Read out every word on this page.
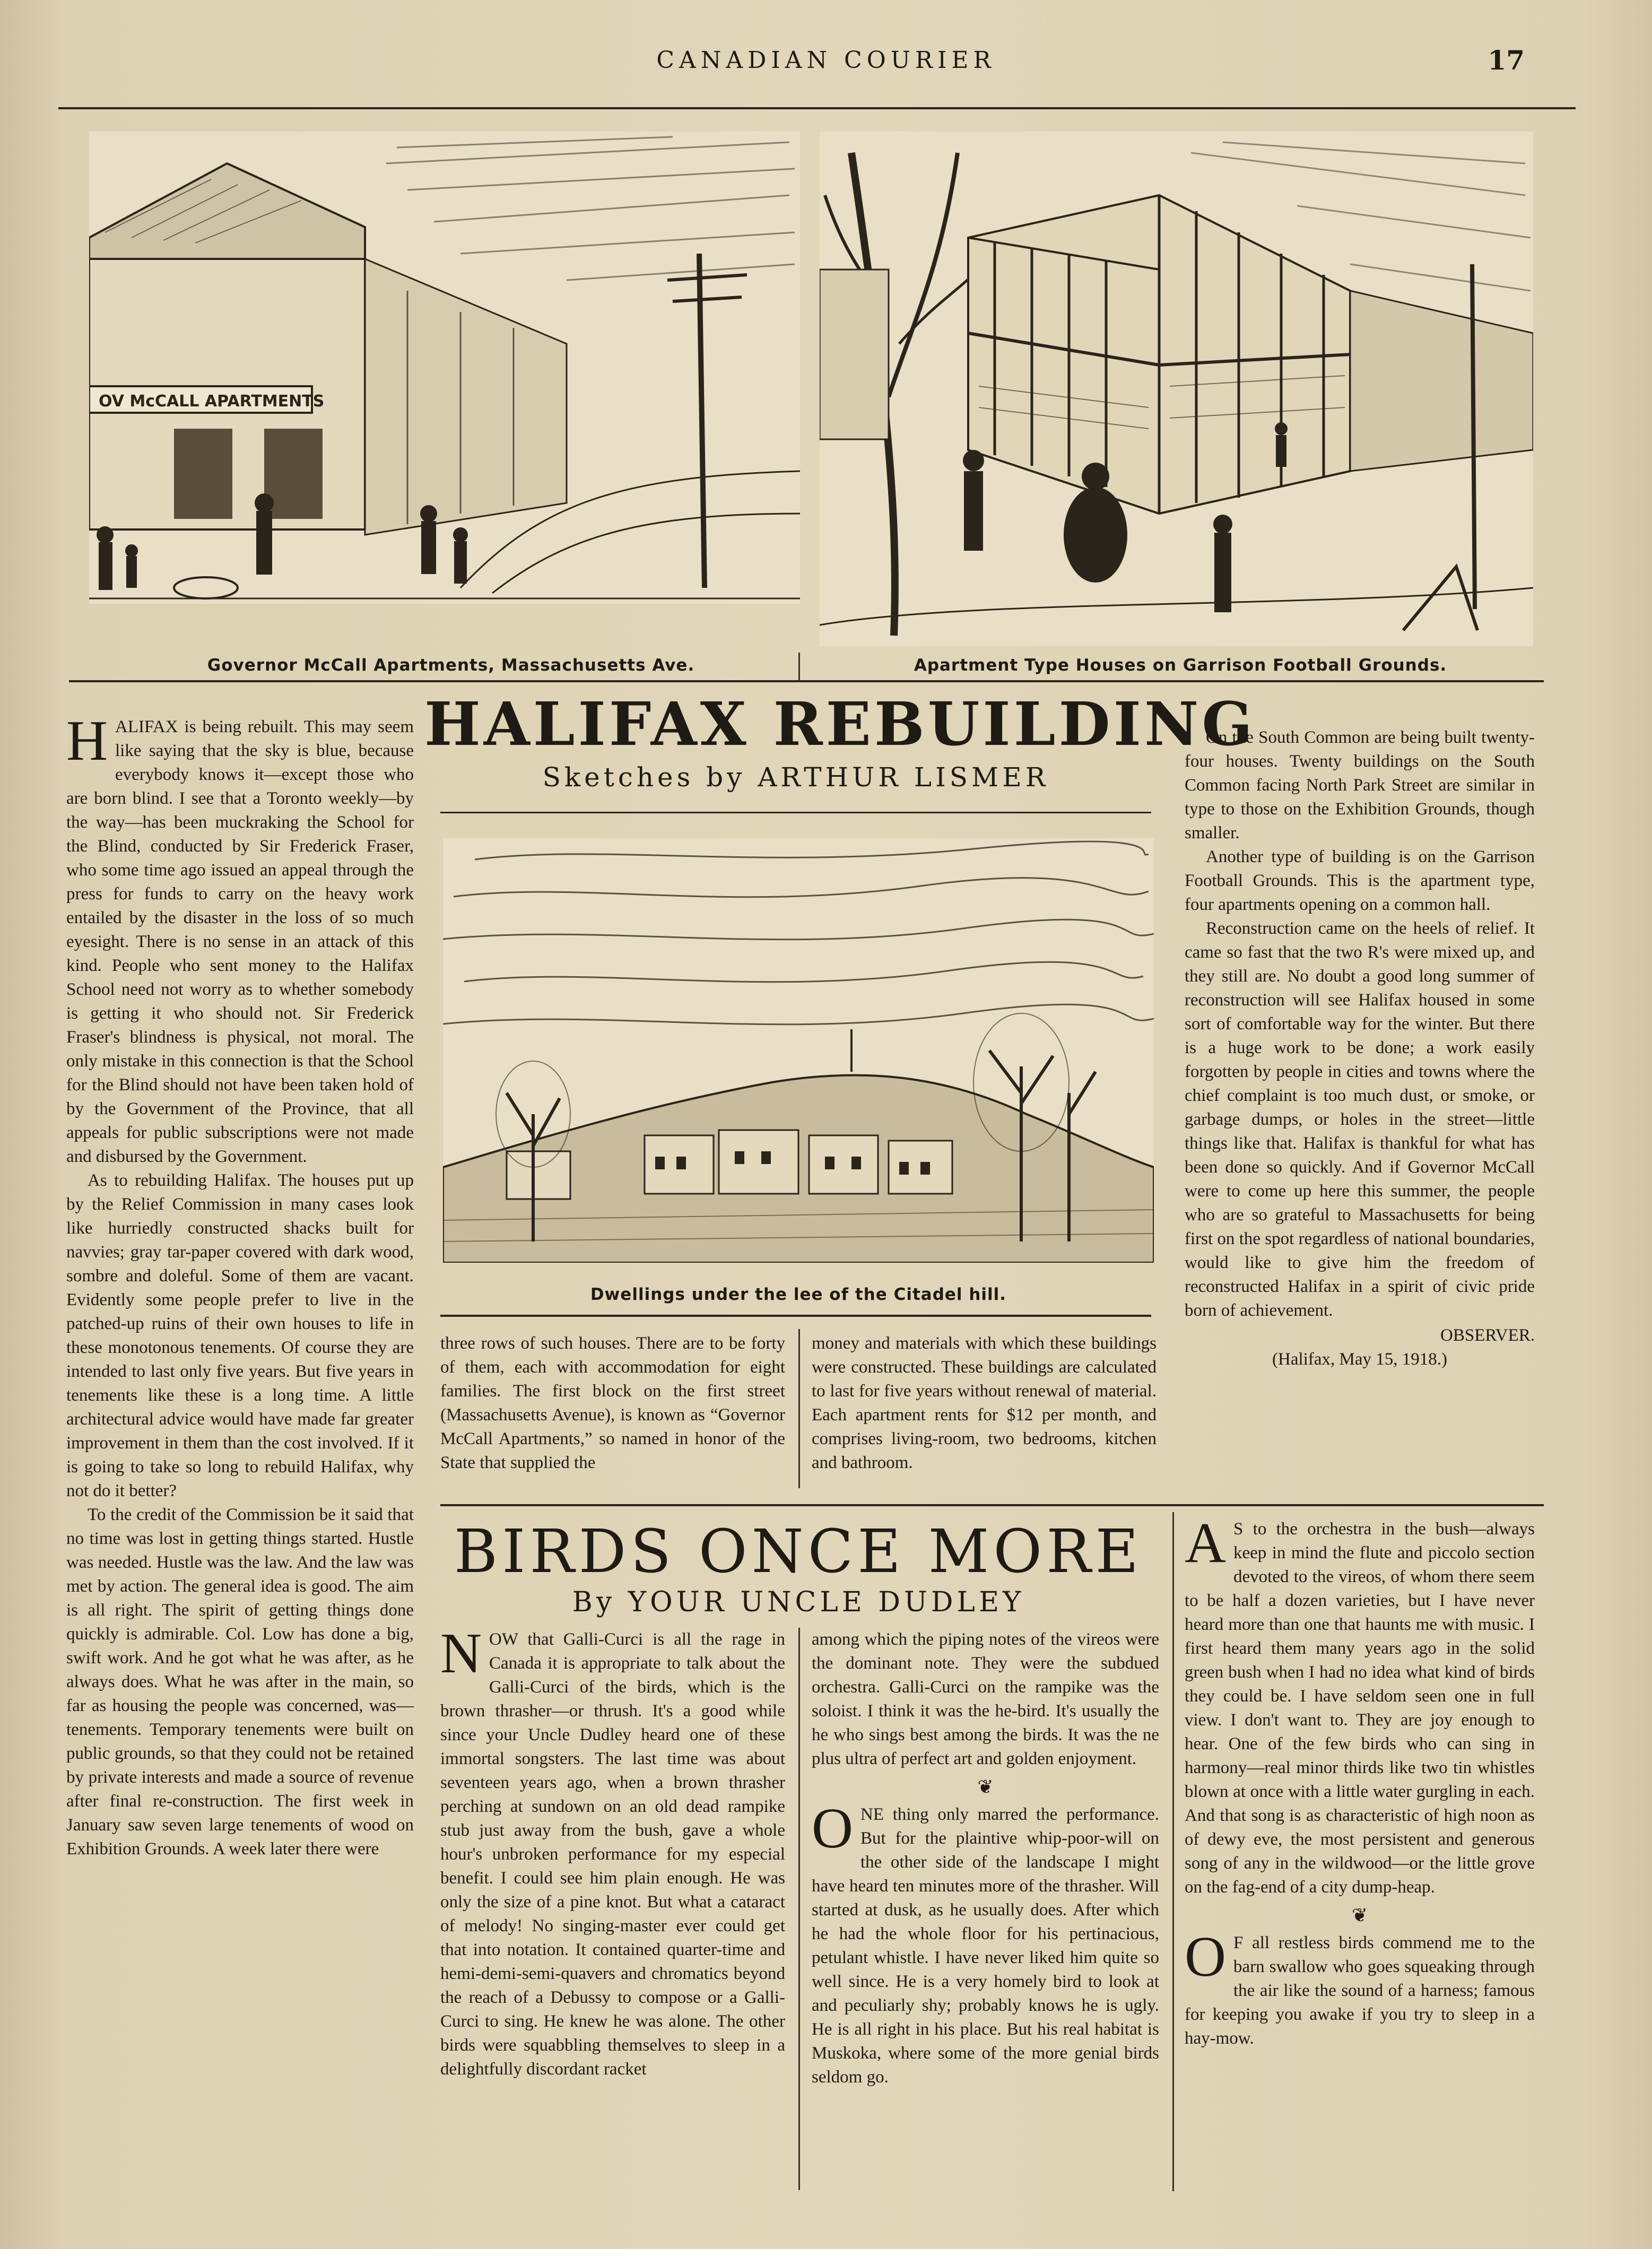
CANADIAN COURIER	17
OV McCALL APARTMENTS
Governor McCall Apartments, Massachusetts Ave.	Apartment Type Houses on Garrison Football Grounds.

HALIFAX is being rebuilt. This may seem like saying that the sky is blue, because everybody knows it—except those who are born blind. I see that a Toronto weekly—by the way—has been muckraking the School for the Blind, conducted by Sir Frederick Fraser, who some time ago issued an appeal through the press for funds to carry on the heavy work entailed by the disaster in the loss of so much eyesight. There is no sense in an attack of this kind. People who sent money to the Halifax School need not worry as to whether somebody is getting it who should not. Sir Frederick Fraser's blindness is physical, not moral. The only mistake in this connection is that the School for the Blind should not have been taken hold of by the Government of the Province, that all appeals for public subscriptions were not made and disbursed by the Government.

As to rebuilding Halifax. The houses put up by the Relief Commission in many cases look like hurriedly constructed shacks built for navvies; gray tar-paper covered with dark wood, sombre and doleful. Some of them are vacant. Evidently some people prefer to live in the patched-up ruins of their own houses to life in these monotonous tenements. Of course they are intended to last only five years. But five years in tenements like these is a long time. A little architectural advice would have made far greater improvement in them than the cost involved. If it is going to take so long to rebuild Halifax, why not do it better?

To the credit of the Commission be it said that no time was lost in getting things started. Hustle was needed. Hustle was the law. And the law was met by action. The general idea is good. The aim is all right. The spirit of getting things done quickly is admirable. Col. Low has done a big, swift work. And he got what he was after, as he always does. What he was after in the main, so far as housing the people was concerned, was—tenements. Temporary tenements were built on public grounds, so that they could not be retained by private interests and made a source of revenue after final re-construction. The first week in January saw seven large tenements of wood on Exhibition Grounds. A week later there were

HALIFAX REBUILDING
Sketches by ARTHUR LISMER
Dwellings under the lee of the Citadel hill.

three rows of such houses. There are to be forty of them, each with accommodation for eight families. The first block on the first street (Massachusetts Avenue), is known as “Governor McCall Apartments,” so named in honor of the State that supplied the

money and materials with which these buildings were constructed. These buildings are calculated to last for five years without renewal of material. Each apartment rents for $12 per month, and comprises living-room, two bedrooms, kitchen and bathroom.

On the South Common are being built twenty-four houses. Twenty buildings on the South Common facing North Park Street are similar in type to those on the Exhibition Grounds, though smaller.

Another type of building is on the Garrison Football Grounds. This is the apartment type, four apartments opening on a common hall.

Reconstruction came on the heels of relief. It came so fast that the two R's were mixed up, and they still are. No doubt a good long summer of reconstruction will see Halifax housed in some sort of comfortable way for the winter. But there is a huge work to be done; a work easily forgotten by people in cities and towns where the chief complaint is too much dust, or smoke, or garbage dumps, or holes in the street—little things like that. Halifax is thankful for what has been done so quickly. And if Governor McCall were to come up here this summer, the people who are so grateful to Massachusetts for being first on the spot regardless of national boundaries, would like to give him the freedom of reconstructed Halifax in a spirit of civic pride born of achievement.

OBSERVER.
(Halifax, May 15, 1918.)
BIRDS ONCE MORE
By YOUR UNCLE DUDLEY

NOW that Galli-Curci is all the rage in Canada it is appropriate to talk about the Galli-Curci of the birds, which is the brown thrasher—or thrush. It's a good while since your Uncle Dudley heard one of these immortal songsters. The last time was about seventeen years ago, when a brown thrasher perching at sundown on an old dead rampike stub just away from the bush, gave a whole hour's unbroken performance for my especial benefit. I could see him plain enough. He was only the size of a pine knot. But what a cataract of melody! No singing-master ever could get that into notation. It contained quarter-time and hemi-demi-semi-quavers and chromatics beyond the reach of a Debussy to compose or a Galli-Curci to sing. He knew he was alone. The other birds were squabbling themselves to sleep in a delightfully discordant racket

among which the piping notes of the vireos were the dominant note. They were the subdued orchestra. Galli-Curci on the rampike was the soloist. I think it was the he-bird. It's usually the he who sings best among the birds. It was the ne plus ultra of perfect art and golden enjoyment.

❦

ONE thing only marred the performance. But for the plaintive whip-poor-will on the other side of the landscape I might have heard ten minutes more of the thrasher. Will started at dusk, as he usually does. After which he had the whole floor for his pertinacious, petulant whistle. I have never liked him quite so well since. He is a very homely bird to look at and peculiarly shy; probably knows he is ugly. He is all right in his place. But his real habitat is Muskoka, where some of the more genial birds seldom go.

A S to the orchestra in the bush—always keep in mind the flute and piccolo section devoted to the vireos, of whom there seem to be half a dozen varieties, but I have never heard more than one that haunts me with music. I first heard them many years ago in the solid green bush when I had no idea what kind of birds they could be. I have seldom seen one in full view. I don't want to. They are joy enough to hear. One of the few birds who can sing in harmony—real minor thirds like two tin whistles blown at once with a little water gurgling in each. And that song is as characteristic of high noon as of dewy eve, the most persistent and generous song of any in the wildwood—or the little grove on the fag-end of a city dump-heap.

❦

O F all restless birds commend me to the barn swallow who goes squeaking through the air like the sound of a harness; famous for keeping you awake if you try to sleep in a hay-mow.
